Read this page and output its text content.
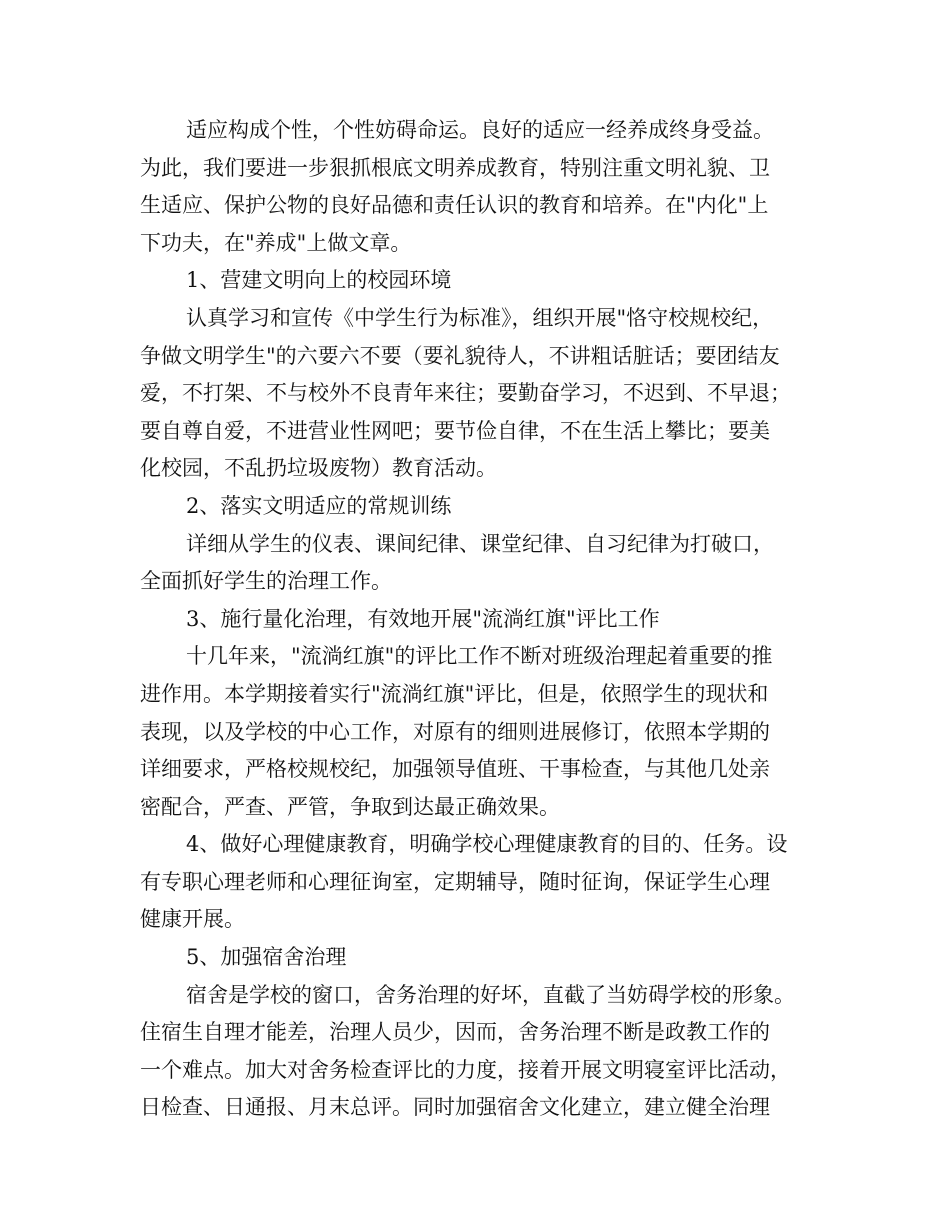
适应构成个性，个性妨碍命运。良好的适应一经养成终身受益。
为此，我们要进一步狠抓根底文明养成教育，特别注重文明礼貌、卫
生适应、保护公物的良好品德和责任认识的教育和培养。在"内化"上
下功夫，在"养成"上做文章。
1、营建文明向上的校园环境
认真学习和宣传《中学生行为标准》，组织开展"恪守校规校纪，
争做文明学生"的六要六不要（要礼貌待人，不讲粗话脏话；要团结友
爱，不打架、不与校外不良青年来往；要勤奋学习，不迟到、不早退；
要自尊自爱，不进营业性网吧；要节俭自律，不在生活上攀比；要美
化校园，不乱扔垃圾废物）教育活动。
2、落实文明适应的常规训练
详细从学生的仪表、课间纪律、课堂纪律、自习纪律为打破口，
全面抓好学生的治理工作。
3、施行量化治理，有效地开展"流淌红旗"评比工作
十几年来，"流淌红旗"的评比工作不断对班级治理起着重要的推
进作用。本学期接着实行"流淌红旗"评比，但是，依照学生的现状和
表现，以及学校的中心工作，对原有的细则进展修订，依照本学期的
详细要求，严格校规校纪，加强领导值班、干事检查，与其他几处亲
密配合，严查、严管，争取到达最正确效果。
4、做好心理健康教育，明确学校心理健康教育的目的、任务。设
有专职心理老师和心理征询室，定期辅导，随时征询，保证学生心理
健康开展。
5、加强宿舍治理
宿舍是学校的窗口，舍务治理的好坏，直截了当妨碍学校的形象。
住宿生自理才能差，治理人员少，因而，舍务治理不断是政教工作的
一个难点。加大对舍务检查评比的力度，接着开展文明寝室评比活动，
日检查、日通报、月末总评。同时加强宿舍文化建立，建立健全治理
